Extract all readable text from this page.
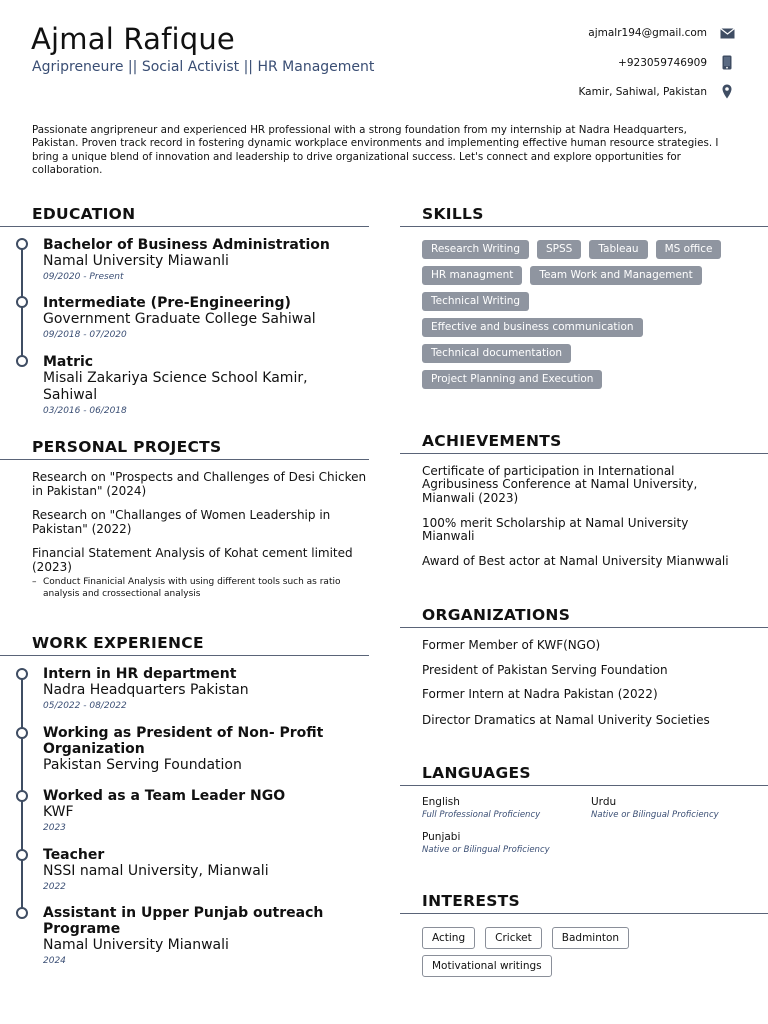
Ajmal Rafique
Agripreneure || Social Activist || HR Management
ajmalr194@gmail.com
+923059746909
Kamir, Sahiwal, Pakistan
Passionate angripreneur and experienced HR professional with a strong foundation from my internship at Nadra Headquarters, Pakistan. Proven track record in fostering dynamic workplace environments and implementing effective human resource strategies. I bring a unique blend of innovation and leadership to drive organizational success. Let's connect and explore opportunities for collaboration.
EDUCATION
Bachelor of Business Administration
Namal University Miawanli
09/2020 - Present
Intermediate (Pre-Engineering)
Government Graduate College Sahiwal
09/2018 - 07/2020
Matric
Misali Zakariya Science School Kamir, Sahiwal
03/2016 - 06/2018
PERSONAL PROJECTS
Research on "Prospects and Challenges of Desi Chicken in Pakistan" (2024)
Research on "Challanges of Women Leadership in Pakistan" (2022)
Financial Statement Analysis of Kohat cement limited (2023)
– Conduct Finanicial Analysis with using different tools such as ratio analysis and crossectional analysis
WORK EXPERIENCE
Intern in HR department
Nadra Headquarters Pakistan
05/2022 - 08/2022
Working as President of Non- Profit Organization
Pakistan Serving Foundation
Worked as a Team Leader NGO
KWF
2023
Teacher
NSSI namal University, Mianwali
2022
Assistant in Upper Punjab outreach Programe
Namal University Mianwali
2024
SKILLS
Research Writing	SPSS	Tableau	MS office
HR managment	Team Work and Management
Technical Writing
Effective and business communication
Technical documentation
Project Planning and Execution
ACHIEVEMENTS
Certificate of participation in International Agribusiness Conference at Namal University, Mianwali (2023)
100% merit Scholarship at Namal University Mianwali
Award of Best actor at Namal University Mianwwali
ORGANIZATIONS
Former Member of KWF(NGO)
President of Pakistan Serving Foundation
Former Intern at Nadra Pakistan (2022)
Director Dramatics at Namal Univerity Societies
LANGUAGES
English
Full Professional Proficiency
Urdu
Native or Bilingual Proficiency
Punjabi
Native or Bilingual Proficiency
INTERESTS
Acting	Cricket	Badminton
Motivational writings
